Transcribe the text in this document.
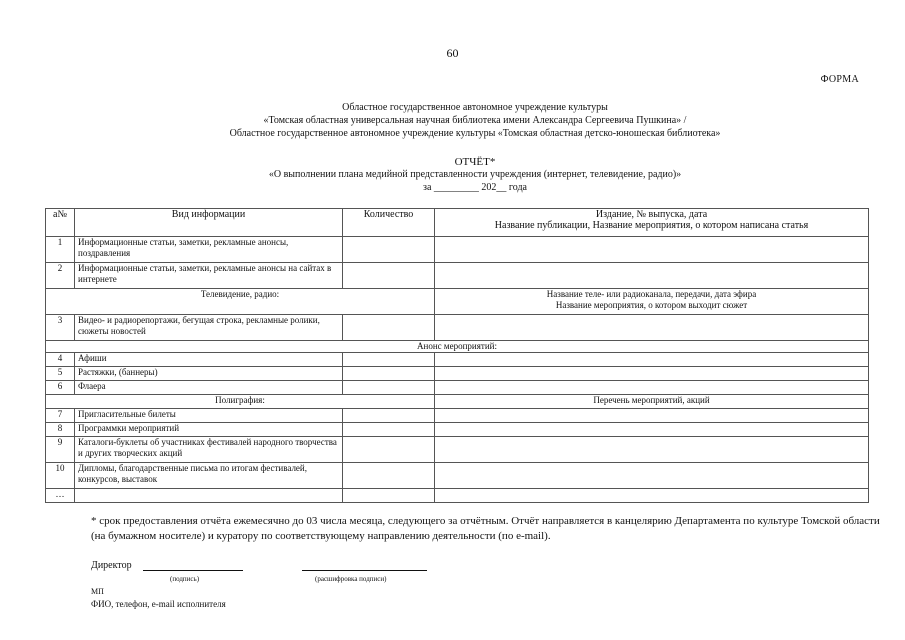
60
ФОРМА
Областное государственное автономное учреждение культуры
«Томская областная универсальная научная библиотека имени Александра Сергеевича Пушкина» /
Областное государственное автономное учреждение культуры «Томская областная детско-юношеская библиотека»
ОТЧЁТ*
«О выполнении плана медийной представленности учреждения (интернет, телевидение, радио)»
за _________ 202__ года
а№	Вид информации	Количество	Издание, № выпуска, дата
Название публикации, Название мероприятия, о котором написана статья

1	Информационные статьи, заметки, рекламные анонсы, поздравления		
2	Информационные статьи, заметки, рекламные анонсы на сайтах в интернете		
Телевидение, радио:			Название теле- или радиоканала, передачи, дата эфира
Название мероприятия, о котором выходит сюжет

3	Видео- и радиорепортажи, бегущая строка, рекламные ролики, сюжеты новостей		
Анонс мероприятий:			
4	Афиши		
5	Растяжки, (баннеры)		
6	Флаера		
Полиграфия:			Перечень мероприятий, акций
7	Пригласительные билеты		
8	Программки мероприятий		
9	Каталоги-буклеты об участниках фестивалей народного творчества и других творческих акций		
10	Дипломы, благодарственные письма по итогам фестивалей, конкурсов, выставок		
…			
* срок предоставления отчёта ежемесячно до 03 числа месяца, следующего за отчётным. Отчёт направляется в канцелярию Департамента по культуре Томской области (на бумажном носителе) и куратору по соответствующему направлению деятельности (по e-mail).
Директор
(подпись)	(расшифровка подписи)
МП
ФИО, телефон, e-mail исполнителя
